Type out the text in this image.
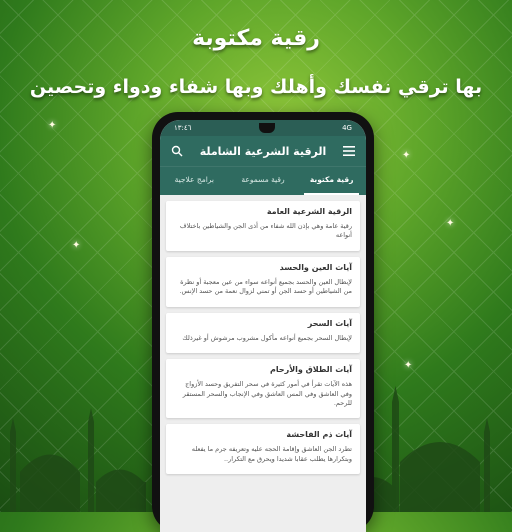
✦
✦
✦
✦
✦
رقية مكتوبة
بها ترقي نفسك وأهلك وبها شفاء ودواء وتحصين
١٣:٤٦	4G
الرقية الشرعية الشاملة
رقية مكتوبة
رقية مسموعة
برامج علاجية
الرقية الشرعية العامة
رقية عامة وهي بإذن الله شفاء من أذى الجن والشياطين باختلاف أنواعه
آيات العين والحسد
لإبطال العين والحسد بجميع أنواعه سواء من عين معجبة أو نظرة من الشياطين أو حسد الجن أو تمني لزوال نعمة من حسد الإنس.
آيات السحر
لإبطال السحر بجميع أنواعه مأكول مشروب مرشوش أو غيرذلك
آيات الطلاق والأرحام
هذه الآيات تقرأ في أمور كثيرة في سحر التفريق وحسد الأزواج وفي العاشق وفي المس العاشق وفي الإنجاب والسحر المستقر للرحم.
آيات ذم الفاحشة
تطرد الجن العاشق وإقامة الحجه عليه وتعريفه جرم ما يفعله وبتكرارها يطلب عقابا شديدا ويحرق مع التكرار..
